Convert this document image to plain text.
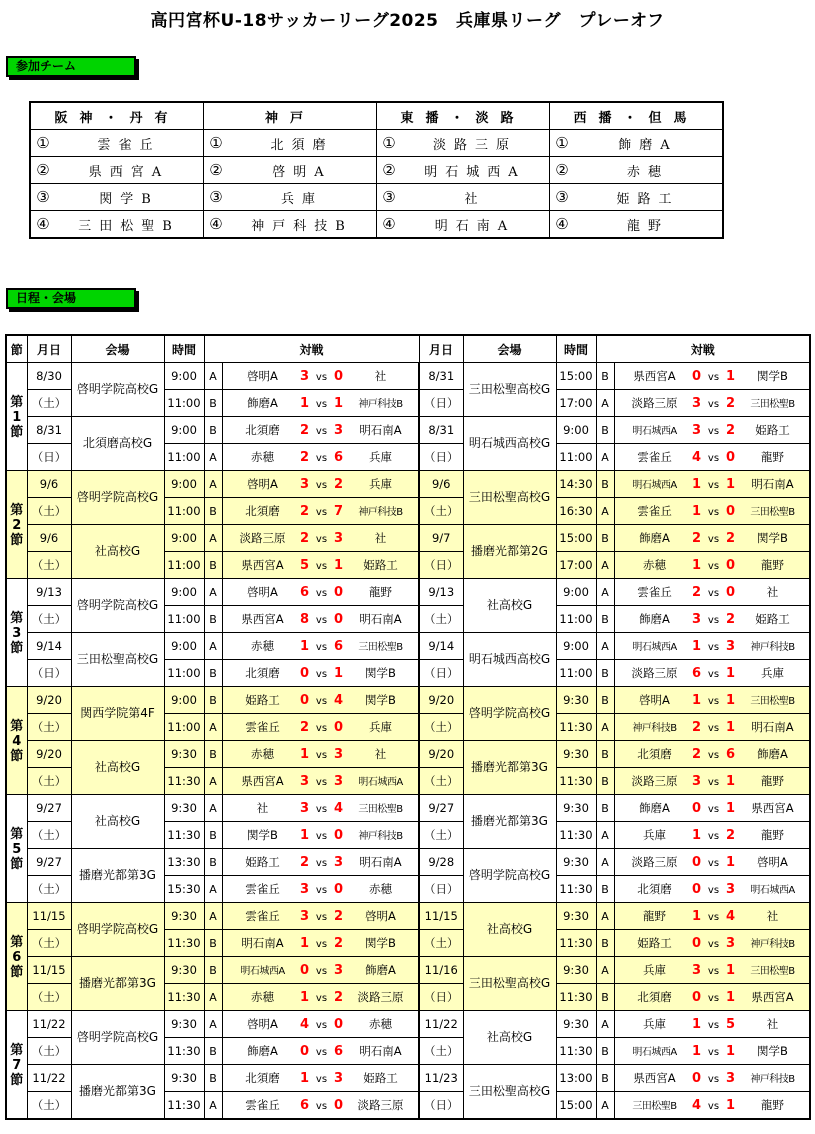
高円宮杯U-18サッカーリーグ2025　兵庫県リーグ　プレーオフ
参加チーム
阪神・丹有		神戸		東播・淡路		西播・但馬	
①	雲雀丘	①	北須磨	①	淡路三原	①	飾磨A
②	県西宮A	②	啓明A	②	明石城西A	②	赤穂
③	関学B	③	兵庫	③	社	③	姫路工
④	三田松聖B	④	神戸科技B	④	明石南A	④	龍野
日程・会場
節	月日	会場	時間	対戦		月日	会場	時間	対戦	
第1節	8/30	啓明学院高校G	9:00	A	啓明A 3 vs 0 社	8/31	三田松聖高校G	15:00	B	県西宮A 0 vs 1 関学B
	（土）		11:00	B	飾磨A 1 vs 1 神戸科技B	（日）		17:00	A	淡路三原 3 vs 2 三田松聖B
	8/31	北須磨高校G	9:00	B	北須磨 2 vs 3 明石南A	8/31	明石城西高校G	9:00	B	明石城西A 3 vs 2 姫路工
	（日）		11:00	A	赤穂 2 vs 6 兵庫	（日）		11:00	A	雲雀丘 4 vs 0 龍野
第2節	9/6	啓明学院高校G	9:00	A	啓明A 3 vs 2 兵庫	9/6	三田松聖高校G	14:30	B	明石城西A 1 vs 1 明石南A
	（土）		11:00	B	北須磨 2 vs 7 神戸科技B	（土）		16:30	A	雲雀丘 1 vs 0 三田松聖B
	9/6	社高校G	9:00	A	淡路三原 2 vs 3 社	9/7	播磨光都第2G	15:00	B	飾磨A 2 vs 2 関学B
	（土）		11:00	B	県西宮A 5 vs 1 姫路工	（日）		17:00	A	赤穂 1 vs 0 龍野
第3節	9/13	啓明学院高校G	9:00	A	啓明A 6 vs 0 龍野	9/13	社高校G	9:00	A	雲雀丘 2 vs 0 社
	（土）		11:00	B	県西宮A 8 vs 0 明石南A	（土）		11:00	B	飾磨A 3 vs 2 姫路工
	9/14	三田松聖高校G	9:00	A	赤穂 1 vs 6 三田松聖B	9/14	明石城西高校G	9:00	A	明石城西A 1 vs 3 神戸科技B
	（日）		11:00	B	北須磨 0 vs 1 関学B	（日）		11:00	B	淡路三原 6 vs 1 兵庫
第4節	9/20	関西学院第4F	9:00	B	姫路工 0 vs 4 関学B	9/20	啓明学院高校G	9:30	B	啓明A 1 vs 1 三田松聖B
	（土）		11:00	A	雲雀丘 2 vs 0 兵庫	（土）		11:30	A	神戸科技B 2 vs 1 明石南A
	9/20	社高校G	9:30	B	赤穂 1 vs 3 社	9/20	播磨光都第3G	9:30	B	北須磨 2 vs 6 飾磨A
	（土）		11:30	A	県西宮A 3 vs 3 明石城西A	（土）		11:30	B	淡路三原 3 vs 1 龍野
第5節	9/27	社高校G	9:30	A	社 3 vs 4 三田松聖B	9/27	播磨光都第3G	9:30	B	飾磨A 0 vs 1 県西宮A
	（土）		11:30	B	関学B 1 vs 0 神戸科技B	（土）		11:30	A	兵庫 1 vs 2 龍野
	9/27	播磨光都第3G	13:30	B	姫路工 2 vs 3 明石南A	9/28	啓明学院高校G	9:30	A	淡路三原 0 vs 1 啓明A
	（土）		15:30	A	雲雀丘 3 vs 0 赤穂	（日）		11:30	B	北須磨 0 vs 3 明石城西A
第6節	11/15	啓明学院高校G	9:30	A	雲雀丘 3 vs 2 啓明A	11/15	社高校G	9:30	A	龍野 1 vs 4 社
	（土）		11:30	B	明石南A 1 vs 2 関学B	（土）		11:30	B	姫路工 0 vs 3 神戸科技B
	11/15	播磨光都第3G	9:30	B	明石城西A 0 vs 3 飾磨A	11/16	三田松聖高校G	9:30	A	兵庫 3 vs 1 三田松聖B
	（土）		11:30	A	赤穂 1 vs 2 淡路三原	（日）		11:30	B	北須磨 0 vs 1 県西宮A
第7節	11/22	啓明学院高校G	9:30	A	啓明A 4 vs 0 赤穂	11/22	社高校G	9:30	A	兵庫 1 vs 5 社
	（土）		11:30	B	飾磨A 0 vs 6 明石南A	（土）		11:30	B	明石城西A 1 vs 1 関学B
	11/22	播磨光都第3G	9:30	B	北須磨 1 vs 3 姫路工	11/23	三田松聖高校G	13:00	B	県西宮A 0 vs 3 神戸科技B
	（土）		11:30	A	雲雀丘 6 vs 0 淡路三原	（日）		15:00	A	三田松聖B 4 vs 1 龍野
